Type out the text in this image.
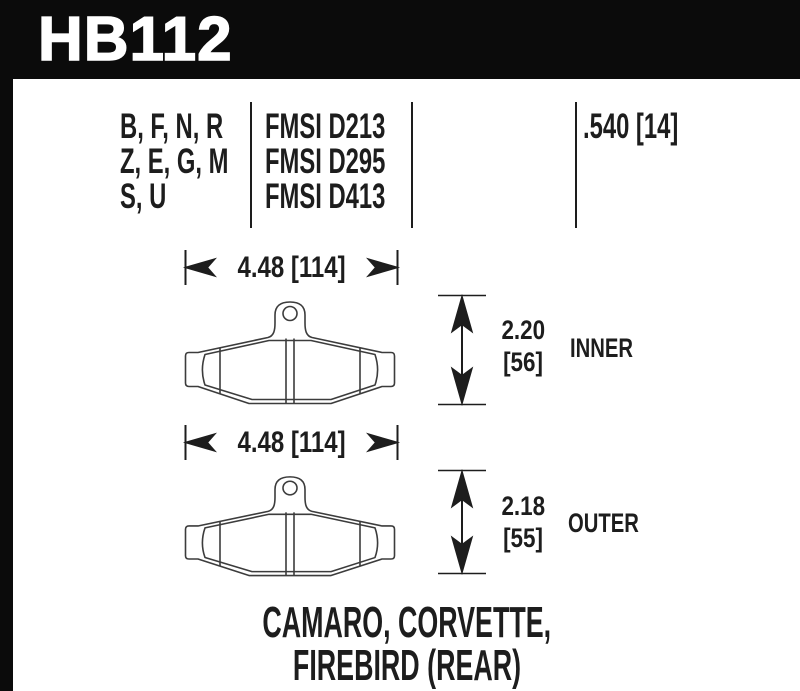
HB112
B, F, N, R
Z, E, G, M
S, U
FMSI D213
FMSI D295
FMSI D413
.540 [14]
4.48 [114]
2.20
[56]	INNER
4.48 [114]
2.18
[55] OUTER
CAMARO, CORVETTE,
FIREBIRD (REAR)
